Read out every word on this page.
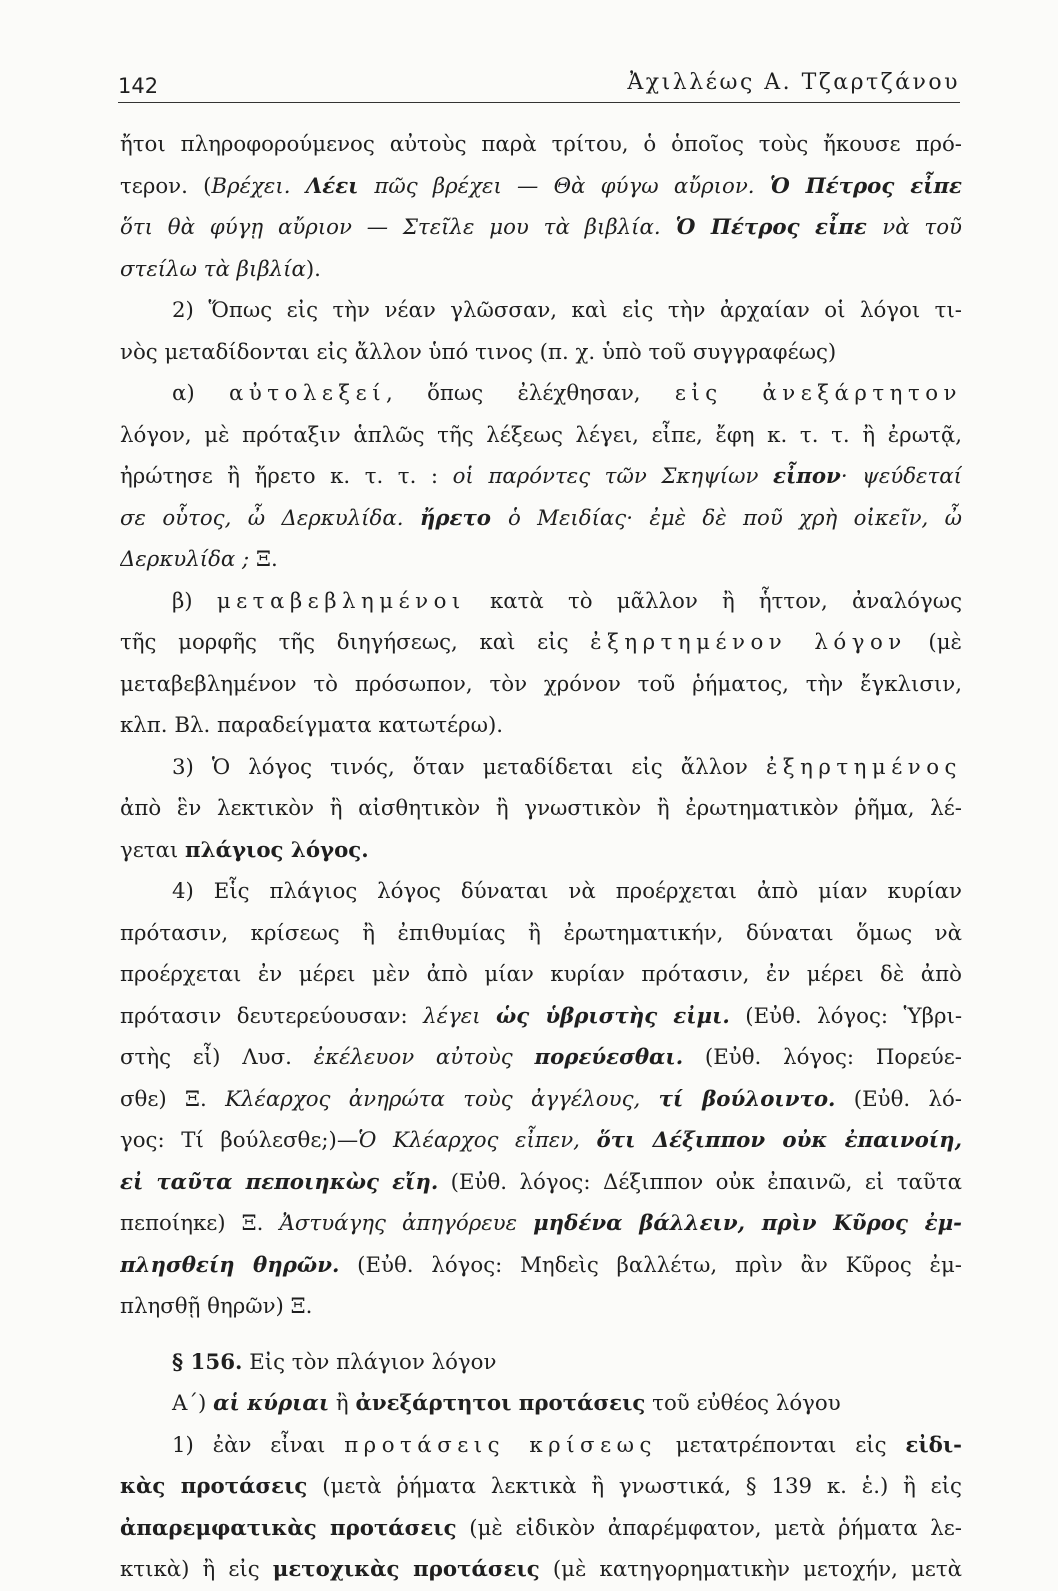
142	Ἀχιλλέως Α. Τζαρτζάνου
ἤτοι πληροφορούμενος αὐτοὺς παρὰ τρίτου, ὁ ὁποῖος τοὺς ἤκουσε πρό-
τερον. (Βρέχει. Λέει πῶς βρέχει — Θὰ φύγω αὔριον. Ὁ Πέτρος εἶπε
ὅτι θὰ φύγῃ αὔριον — Στεῖλε μου τὰ βιβλία. Ὁ Πέτρος εἶπε νὰ τοῦ
στείλω τὰ βιβλία).
2) Ὅπως εἰς τὴν νέαν γλῶσσαν, καὶ εἰς τὴν ἀρχαίαν οἱ λόγοι τι-
νὸς μεταδίδονται εἰς ἄλλον ὑπό τινος (π. χ. ὑπὸ τοῦ συγγραφέως)
α) αὐτολεξεί, ὅπως ἐλέχθησαν, εἰς ἀνεξάρτητον
λόγον, μὲ πρόταξιν ἁπλῶς τῆς λέξεως λέγει, εἶπε, ἔφη κ. τ. τ. ἢ ἐρωτᾷ,
ἠρώτησε ἢ ἤρετο κ. τ. τ. : οἱ παρόντες τῶν Σκηψίων εἶπον· ψεύδεταί
σε οὗτος, ὦ Δερκυλίδα. ἤρετο ὁ Μειδίας· ἐμὲ δὲ ποῦ χρὴ οἰκεῖν, ὦ
Δερκυλίδα ; Ξ.
β) μεταβεβλημένοι κατὰ τὸ μᾶλλον ἢ ἧττον, ἀναλόγως
τῆς μορφῆς τῆς διηγήσεως, καὶ εἰς ἐξηρτημένον λόγον (μὲ
μεταβεβλημένον τὸ πρόσωπον, τὸν χρόνον τοῦ ῥήματος, τὴν ἔγκλισιν,
κλπ. Βλ. παραδείγματα κατωτέρω).
3) Ὁ λόγος τινός, ὅταν μεταδίδεται εἰς ἄλλον ἐξηρτημένος
ἀπὸ ἓν λεκτικὸν ἢ αἰσθητικὸν ἢ γνωστικὸν ἢ ἐρωτηματικὸν ῥῆμα, λέ-
γεται πλάγιος λόγος.
4) Εἷς πλάγιος λόγος δύναται νὰ προέρχεται ἀπὸ μίαν κυρίαν
πρότασιν, κρίσεως ἢ ἐπιθυμίας ἢ ἐρωτηματικήν, δύναται ὅμως νὰ
προέρχεται ἐν μέρει μὲν ἀπὸ μίαν κυρίαν πρότασιν, ἐν μέρει δὲ ἀπὸ
πρότασιν δευτερεύουσαν: λέγει ὡς ὑβριστὴς εἰμι. (Εὐθ. λόγος: Ὑβρι-
στὴς εἶ) Λυσ. ἐκέλευον αὐτοὺς πορεύεσθαι. (Εὐθ. λόγος: Πορεύε-
σθε) Ξ. Κλέαρχος ἀνηρώτα τοὺς ἀγγέλους, τί βούλοιντο. (Εὐθ. λό-
γος: Τί βούλεσθε;)—Ὁ Κλέαρχος εἶπεν, ὅτι Δέξιππον οὐκ ἐπαινοίη,
εἰ ταῦτα πεποιηκὼς εἴη. (Εὐθ. λόγος: Δέξιππον οὐκ ἐπαινῶ, εἰ ταῦτα
πεποίηκε) Ξ. Ἀστυάγης ἀπηγόρευε μηδένα βάλλειν, πρὶν Κῦρος ἐμ-
πλησθείη θηρῶν. (Εὐθ. λόγος: Μηδεὶς βαλλέτω, πρὶν ἂν Κῦρος ἐμ-
πλησθῇ θηρῶν) Ξ.
§ 156. Εἰς τὸν πλάγιον λόγον
Α΄) αἱ κύριαι ἢ ἀνεξάρτητοι προτάσεις τοῦ εὐθέος λόγου
1) ἐὰν εἶναι προτάσεις κρίσεως μετατρέπονται εἰς εἰδι-
κὰς προτάσεις (μετὰ ῥήματα λεκτικὰ ἢ γνωστικά, § 139 κ. ἑ.) ἢ εἰς
ἀπαρεμφατικὰς προτάσεις (μὲ εἰδικὸν ἀπαρέμφατον, μετὰ ῥήματα λε-
κτικὰ) ἢ εἰς μετοχικὰς προτάσεις (μὲ κατηγορηματικὴν μετοχήν, μετὰ
